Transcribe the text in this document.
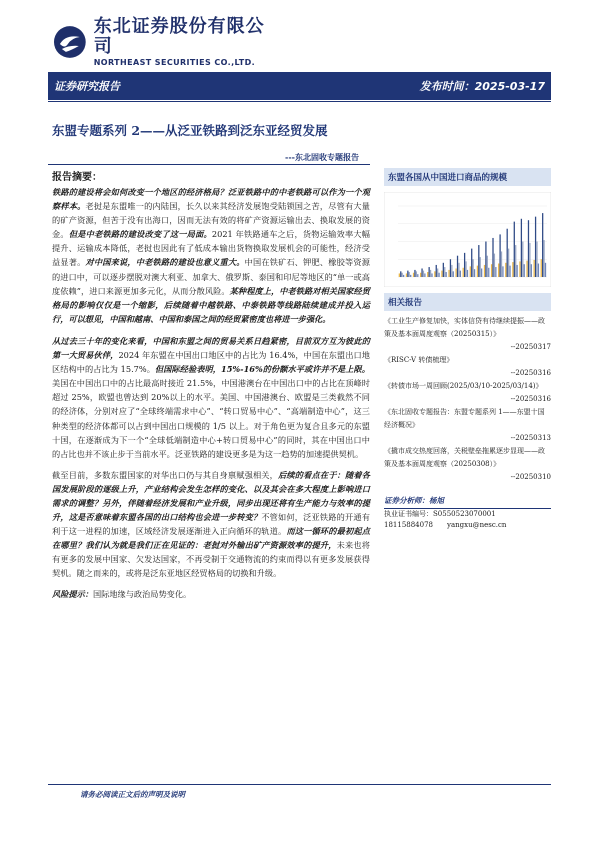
东北证券股份有限公司
NORTHEAST SECURITIES CO.,LTD.
证券研究报告	发布时间：2025-03-17
东盟专题系列 2——从泛亚铁路到泛东亚经贸发展
---东北固收专题报告
报告摘要：

铁路的建设将会如何改变一个地区的经济格局？泛亚铁路中的中老铁路可以作为一个观察样本。老挝是东盟唯一的内陆国，长久以来其经济发展饱受陆锁国之苦，尽管有大量的矿产资源，但苦于没有出海口，因而无法有效的将矿产资源运输出去、换取发展的资金。但是中老铁路的建设改变了这一局面。2021 年铁路通车之后，货物运输效率大幅提升、运输成本降低，老挝也因此有了低成本输出货物换取发展机会的可能性，经济受益显著。对中国来说，中老铁路的建设也意义重大。中国在铁矿石、钾肥、橡胶等资源的进口中，可以逐步摆脱对澳大利亚、加拿大、俄罗斯、泰国和印尼等地区的“单一或高度依赖”，进口来源更加多元化，从而分散风险。某种程度上，中老铁路对相关国家经贸格局的影响仅仅是一个缩影，后续随着中越铁路、中泰铁路等线路陆续建成并投入运行，可以想见，中国和越南、中国和泰国之间的经贸紧密度也将进一步强化。

从过去三十年的变化来看，中国和东盟之间的贸易关系日趋紧密，目前双方互为彼此的第一大贸易伙伴，2024 年东盟在中国出口地区中的占比为 16.4%，中国在东盟出口地区结构中的占比为 15.7%。但国际经验表明，15%-16%的份额水平或许并不是上限。美国在中国出口中的占比最高时接近 21.5%，中国港澳台在中国出口中的占比在顶峰时超过 25%，欧盟也曾达到 20%以上的水平。美国、中国港澳台、欧盟是三类截然不同的经济体，分别对应了“全球终端需求中心”、“转口贸易中心”、“高端制造中心”，这三种类型的经济体都可以占到中国出口规模的 1/5 以上。对于角色更为复合且多元的东盟十国，在逐渐成为下一个“全球低端制造中心+转口贸易中心”的同时，其在中国出口中的占比也并不该止步于当前水平。泛亚铁路的建设更多是为这一趋势的加速提供契机。

截至目前，多数东盟国家的对华出口仍与其自身禀赋强相关，后续的看点在于：随着各国发展阶段的逐级上升，产业结构会发生怎样的变化、以及其会在多大程度上影响进口需求的调整？另外，伴随着经济发展和产业升级，同步出现还将有生产能力与效率的提升，这是否意味着东盟各国的出口结构也会进一步转变？不管如何，泛亚铁路的开通有利于这一进程的加速，区域经济发展逐渐进入正向循环的轨道。而这一循环的最初起点在哪里？我们认为就是我们正在见证的：老挝对外输出矿产资源效率的提升，未来也将有更多的发展中国家、欠发达国家，不再受制于交通物流的约束而得以有更多发展获得契机。随之而来的，或将是泛东亚地区经贸格局的切换和升级。

风险提示：国际地缘与政治局势变化。

东盟各国从中国进口商品的规模
相关报告
《工业生产修复加快，实体信贷有待继续提振——政策及基本面周度观察（20250315）》
--20250317
《RISC-V 转债梳理》
--20250316
《转债市场一周回顾(2025/03/10-2025/03/14)》
--20250316
《东北固收专题报告：东盟专题系列 1——东盟十国经济概况》
--20250313
《撬市成交热度回落，关税壁垒拖累逐步显现——政策及基本面周度观察（20250308）》
--20250310
证券分析师：杨旭
执业证书编号：S0550523070001
18115884078 yangxu@nesc.cn
请务必阅读正文后的声明及说明
